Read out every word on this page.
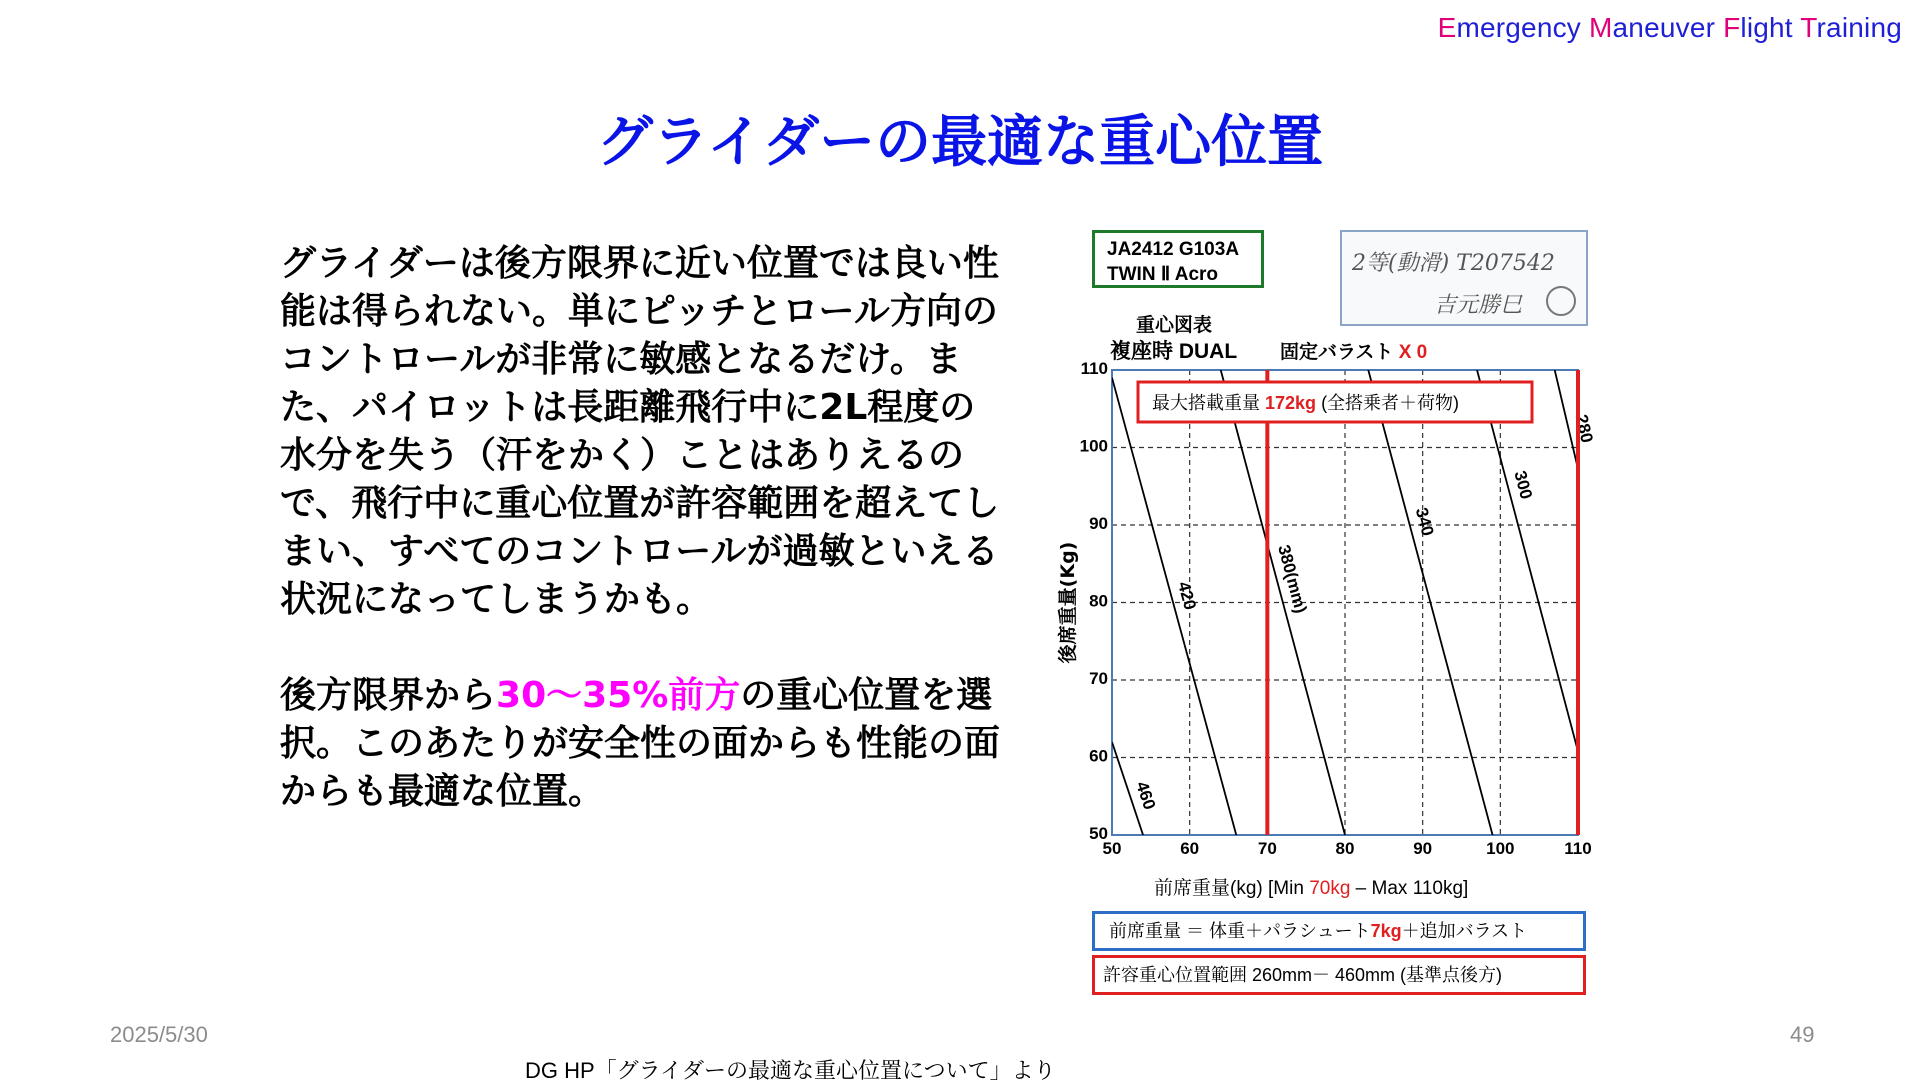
Emergency Maneuver Flight Training
グライダーの最適な重心位置
グライダーは後方限界に近い位置では良い性能は得られない。単にピッチとロール方向のコントロールが非常に敏感となるだけ。また、パイロットは長距離飛行中に2L程度の水分を失う（汗をかく）ことはありえるので、飛行中に重心位置が許容範囲を超えてしまい、すべてのコントロールが過敏といえる状況になってしまうかも。
後方限界から30～35%前方の重心位置を選択。このあたりが安全性の面からも性能の面からも最適な位置。
JA2412 G103A
TWIN Ⅱ Acro	2等(動滑) T207542
吉元勝巳
重心図表
複座時 DUAL 固定バラスト X 0
50	60	70	80	90	100	110
50
60
70
80
90
100
110
460
420	380(mm)
340
300
280
最大搭載重量 172kg (全搭乗者＋荷物)
後席重量(Kg)
前席重量(kg) [Min 70kg – Max 110kg]
前席重量 ＝ 体重＋パラシュート7kg＋追加バラスト
許容重心位置範囲 260mm－ 460mm (基準点後方)
2025/5/30	49
DG HP「グライダーの最適な重心位置について」より
